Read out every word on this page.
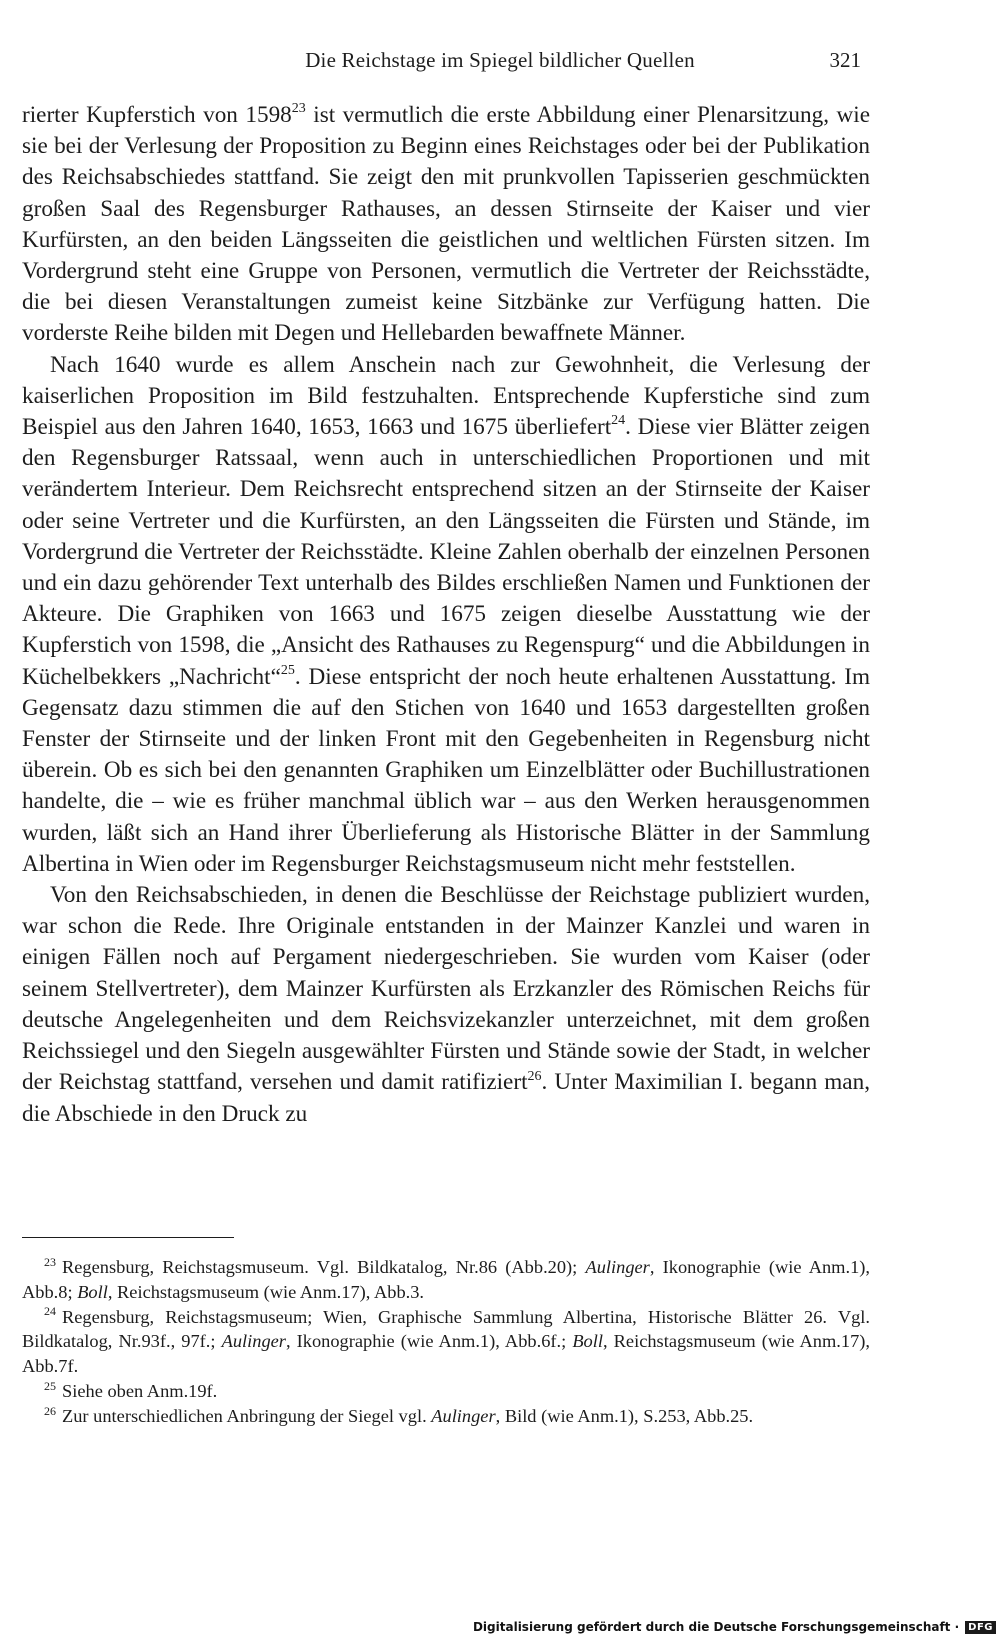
Die Reichstage im Spiegel bildlicher Quellen	321

rierter Kupferstich von 1598$^{23}$ ist vermutlich die erste Abbildung einer Plenarsitzung, wie sie bei der Verlesung der Proposition zu Beginn eines Reichstages oder bei der Publikation des Reichsabschiedes stattfand. Sie zeigt den mit prunkvollen Tapisserien geschmückten großen Saal des Regensburger Rathauses, an dessen Stirnseite der Kaiser und vier Kurfürsten, an den beiden Längsseiten die geistlichen und weltlichen Fürsten sitzen. Im Vordergrund steht eine Gruppe von Personen, vermutlich die Vertreter der Reichsstädte, die bei diesen Veranstaltungen zumeist keine Sitzbänke zur Verfügung hatten. Die vorderste Reihe bilden mit Degen und Hellebarden bewaffnete Männer.

Nach 1640 wurde es allem Anschein nach zur Gewohnheit, die Verlesung der kaiserlichen Proposition im Bild festzuhalten. Entsprechende Kupferstiche sind zum Beispiel aus den Jahren 1640, 1653, 1663 und 1675 überliefert$^{24}$. Diese vier Blätter zeigen den Regensburger Ratssaal, wenn auch in unterschiedlichen Proportionen und mit verändertem Interieur. Dem Reichsrecht entsprechend sitzen an der Stirnseite der Kaiser oder seine Vertreter und die Kurfürsten, an den Längsseiten die Fürsten und Stände, im Vordergrund die Vertreter der Reichsstädte. Kleine Zahlen oberhalb der einzelnen Personen und ein dazu gehörender Text unterhalb des Bildes erschließen Namen und Funktionen der Akteure. Die Graphiken von 1663 und 1675 zeigen dieselbe Ausstattung wie der Kupferstich von 1598, die „Ansicht des Rathauses zu Regenspurg“ und die Abbildungen in Küchelbekkers „Nachricht“$^{25}$. Diese entspricht der noch heute erhaltenen Ausstattung. Im Gegensatz dazu stimmen die auf den Stichen von 1640 und 1653 dargestellten großen Fenster der Stirnseite und der linken Front mit den Gegebenheiten in Regensburg nicht überein. Ob es sich bei den genannten Graphiken um Einzelblätter oder Buchillustrationen handelte, die – wie es früher manchmal üblich war – aus den Werken herausgenommen wurden, läßt sich an Hand ihrer Überlieferung als Historische Blätter in der Sammlung Albertina in Wien oder im Regensburger Reichstagsmuseum nicht mehr feststellen.

Von den Reichsabschieden, in denen die Beschlüsse der Reichstage publiziert wurden, war schon die Rede. Ihre Originale entstanden in der Mainzer Kanzlei und waren in einigen Fällen noch auf Pergament niedergeschrieben. Sie wurden vom Kaiser (oder seinem Stellvertreter), dem Mainzer Kurfürsten als Erzkanzler des Römischen Reichs für deutsche Angelegenheiten und dem Reichsvizekanzler unterzeichnet, mit dem großen Reichssiegel und den Siegeln ausgewählter Fürsten und Stände sowie der Stadt, in welcher der Reichstag stattfand, versehen und damit ratifiziert$^{26}$. Unter Maximilian I. begann man, die Abschiede in den Druck zu

$^{23}$ Regensburg, Reichstagsmuseum. Vgl. Bildkatalog, Nr.86 (Abb.20); Aulinger, Ikonographie (wie Anm.1), Abb.8; Boll, Reichstagsmuseum (wie Anm.17), Abb.3.

$^{24}$ Regensburg, Reichstagsmuseum; Wien, Graphische Sammlung Albertina, Historische Blätter 26. Vgl. Bildkatalog, Nr.93f., 97f.; Aulinger, Ikonographie (wie Anm.1), Abb.6f.; Boll, Reichstagsmuseum (wie Anm.17), Abb.7f.

$^{25}$ Siehe oben Anm.19f.

$^{26}$ Zur unterschiedlichen Anbringung der Siegel vgl. Aulinger, Bild (wie Anm.1), S.253, Abb.25.

Digitalisierung gefördert durch die Deutsche Forschungsgemeinschaft · DFG
